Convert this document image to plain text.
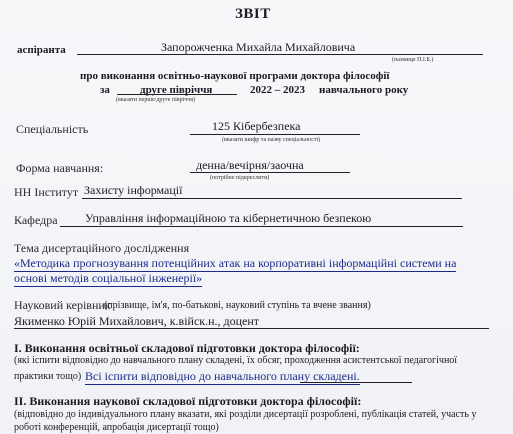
ЗВІТ
аспіранта	Запорожченка Михайла Михайловича
(назвище П.І.Б.)
про виконання освітньо-наукової програми доктора філософії
за	друге півріччя	2022 – 2023 навчального року
(вказати перше/друге півріччя)
Спеціальність	125 Кібербезпека
(вказати шифр та назву спеціальності)
Форма навчання:	денна/вечірня/заочна
(потрібне підкреслити)
НН Інститут Захисту інформації
Кафедра Управління інформаційною та кібернетичною безпекою
Тема дисертаційного дослідження
«Методика прогнозування потенційних атак на корпоративні інформаційні системи на
основі методів соціальної інженерії»
Науковий керівник
(прізвище, ім'я, по-батькові, науковий ступінь та вчене звання)
Якименко Юрій Михайлович, к.війск.н., доцент
І. Виконання освітньої складової підготовки доктора філософії:
(які іспити відповідно до навчального плану складені, їх обсяг, проходження асистентської педагогічної
практики тощо) Всі іспити відповідно до навчального плану складені.
ІІ. Виконання наукової складової підготовки доктора філософії:
(відповідно до індивідуального плану вказати, які розділи дисертації розроблені, публікація статей, участь у
роботі конференцій, апробація дисертації тощо)
